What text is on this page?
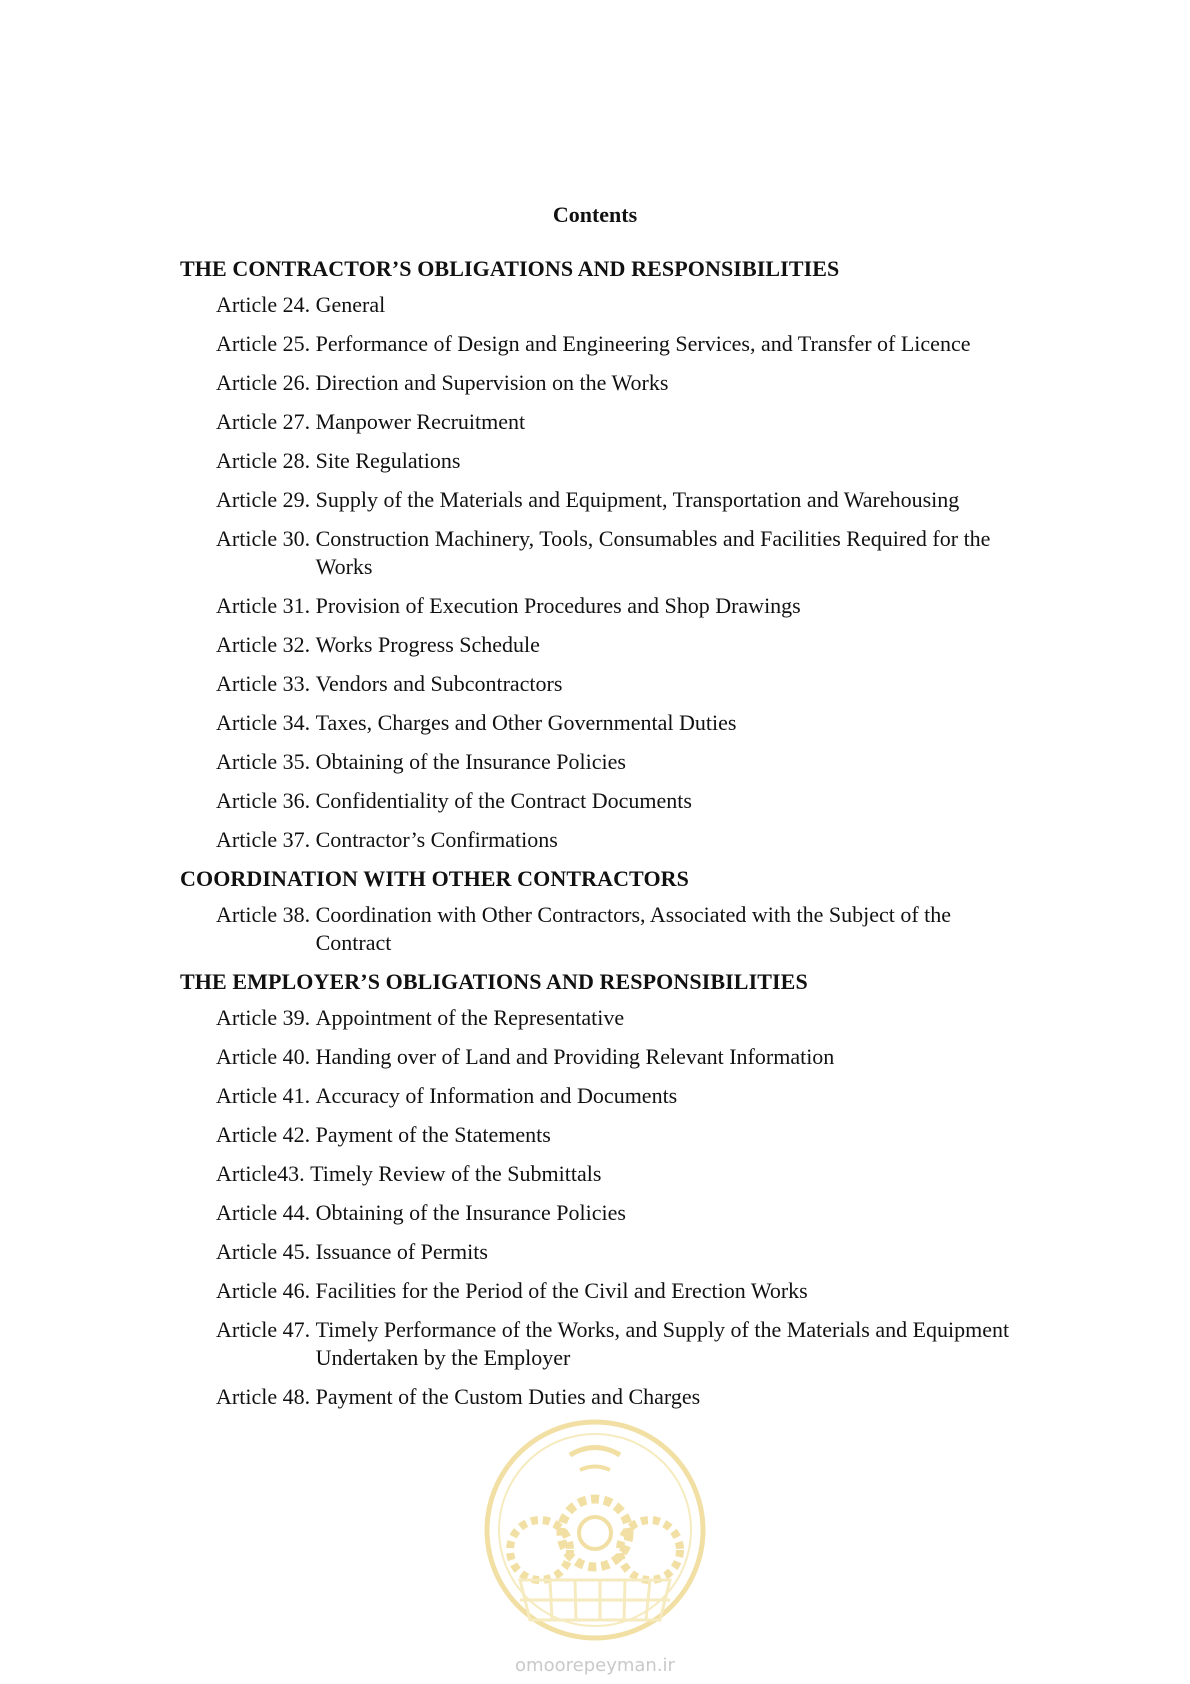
Contents
THE CONTRACTOR’S OBLIGATIONS AND RESPONSIBILITIES
Article 24. General
Article 25. Performance of Design and Engineering Services, and Transfer of Licence
Article 26. Direction and Supervision on the Works
Article 27. Manpower Recruitment
Article 28. Site Regulations
Article 29. Supply of the Materials and Equipment, Transportation and Warehousing
Article 30. Construction Machinery, Tools, Consumables and Facilities Required for the Works
Article 31. Provision of Execution Procedures and Shop Drawings
Article 32. Works Progress Schedule
Article 33. Vendors and Subcontractors
Article 34. Taxes, Charges and Other Governmental Duties
Article 35. Obtaining of the Insurance Policies
Article 36. Confidentiality of the Contract Documents
Article 37. Contractor’s Confirmations
COORDINATION WITH OTHER CONTRACTORS
Article 38. Coordination with Other Contractors, Associated with the Subject of the Contract
THE EMPLOYER’S OBLIGATIONS AND RESPONSIBILITIES
Article 39. Appointment of the Representative
Article 40. Handing over of Land and Providing Relevant Information
Article 41. Accuracy of Information and Documents
Article 42. Payment of the Statements
Article43. Timely Review of the Submittals
Article 44. Obtaining of the Insurance Policies
Article 45. Issuance of Permits
Article 46. Facilities for the Period of the Civil and Erection Works
Article 47. Timely Performance of the Works, and Supply of the Materials and Equipment Undertaken by the Employer
Article 48. Payment of the Custom Duties and Charges
omoorepeyman.ir
